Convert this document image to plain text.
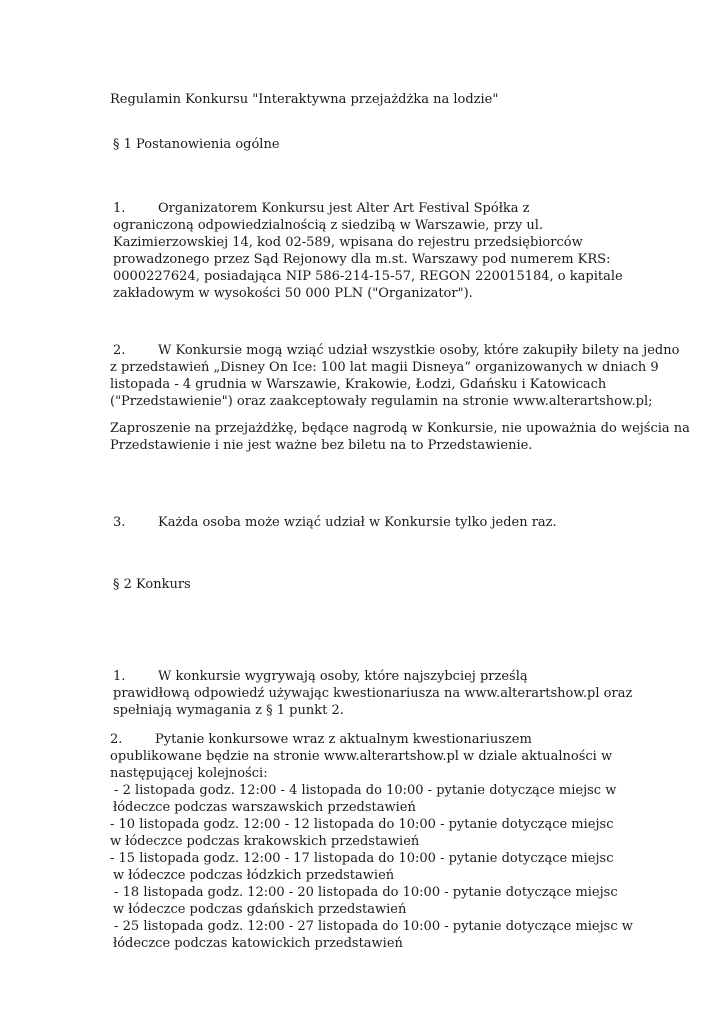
Regulamin Konkursu "Interaktywna przejażdżka na lodzie"

§ 1 Postanowienia ogólne

1.	Organizatorem Konkursu jest Alter Art Festival Spółka z

ograniczoną odpowiedzialnością z siedzibą w Warszawie, przy ul.

Kazimierzowskiej 14, kod 02-589, wpisana do rejestru przedsiębiorców

prowadzonego przez Sąd Rejonowy dla m.st. Warszawy pod numerem KRS:

0000227624, posiadająca NIP 586-214-15-57, REGON 220015184, o kapitale

zakładowym w wysokości 50 000 PLN ("Organizator").

2.	W Konkursie mogą wziąć udział wszystkie osoby, które zakupiły bilety na jedno

z przedstawień „Disney On Ice: 100 lat magii Disneya“ organizowanych w dniach 9

listopada - 4 grudnia w Warszawie, Krakowie, Łodzi, Gdańsku i Katowicach

("Przedstawienie") oraz zaakceptowały regulamin na stronie www.alterartshow.pl;

Zaproszenie na przejażdżkę, będące nagrodą w Konkursie, nie upoważnia do wejścia na

Przedstawienie i nie jest ważne bez biletu na to Przedstawienie.

3.	Każda osoba może wziąć udział w Konkursie tylko jeden raz.

§ 2 Konkurs

1.	W konkursie wygrywają osoby, które najszybciej prześlą

prawidłową odpowiedź używając kwestionariusza na www.alterartshow.pl oraz

spełniają wymagania z § 1 punkt 2.

2.	Pytanie konkursowe wraz z aktualnym kwestionariuszem

opublikowane będzie na stronie www.alterartshow.pl w dziale aktualności w

następującej kolejności:

- 2 listopada godz. 12:00 - 4 listopada do 10:00 - pytanie dotyczące miejsc w

łódeczce podczas warszawskich przedstawień

- 10 listopada godz. 12:00 - 12 listopada do 10:00 - pytanie dotyczące miejsc

w łódeczce podczas krakowskich przedstawień

- 15 listopada godz. 12:00 - 17 listopada do 10:00 - pytanie dotyczące miejsc

w łódeczce podczas łódzkich przedstawień

- 18 listopada godz. 12:00 - 20 listopada do 10:00 - pytanie dotyczące miejsc

w łódeczce podczas gdańskich przedstawień

- 25 listopada godz. 12:00 - 27 listopada do 10:00 - pytanie dotyczące miejsc w

łódeczce podczas katowickich przedstawień
